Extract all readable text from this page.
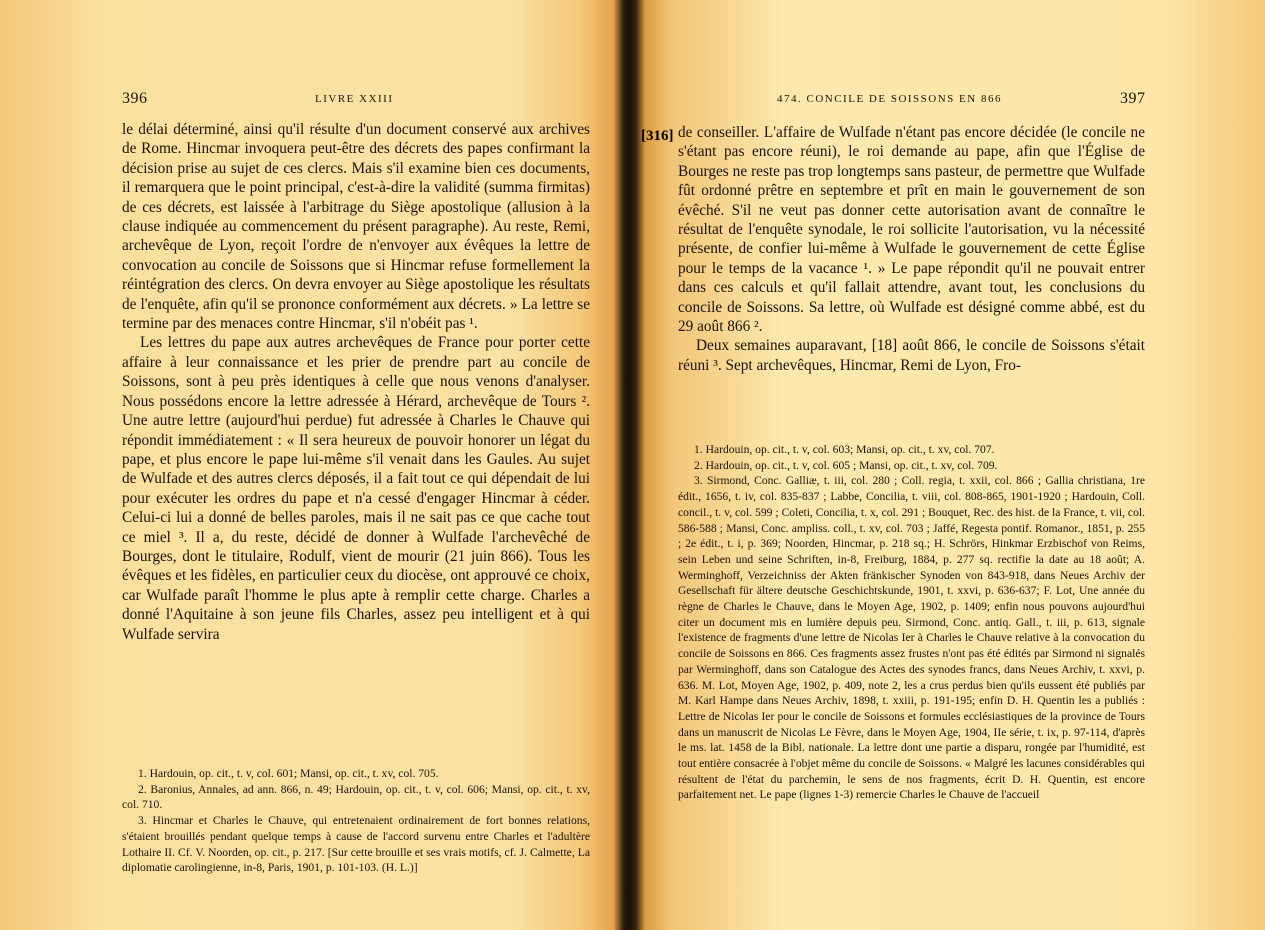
396	LIVRE XXIII

le délai déterminé, ainsi qu'il résulte d'un document conservé aux archives de Rome. Hincmar invoquera peut-être des décrets des papes confirmant la décision prise au sujet de ces clercs. Mais s'il examine bien ces documents, il remarquera que le point principal, c'est-à-dire la validité (summa firmitas) de ces décrets, est laissée à l'arbitrage du Siège apostolique (allusion à la clause indiquée au commencement du présent paragraphe). Au reste, Remi, archevêque de Lyon, reçoit l'ordre de n'envoyer aux évêques la lettre de convocation au concile de Soissons que si Hincmar refuse formellement la réintégration des clercs. On devra envoyer au Siège apostolique les résultats de l'enquête, afin qu'il se prononce conformément aux décrets. » La lettre se termine par des menaces contre Hincmar, s'il n'obéit pas ¹.

Les lettres du pape aux autres archevêques de France pour porter cette affaire à leur connaissance et les prier de prendre part au concile de Soissons, sont à peu près identiques à celle que nous venons d'analyser. Nous possédons encore la lettre adressée à Hérard, archevêque de Tours ². Une autre lettre (aujourd'hui perdue) fut adressée à Charles le Chauve qui répondit immédiatement : « Il sera heureux de pouvoir honorer un légat du pape, et plus encore le pape lui-même s'il venait dans les Gaules. Au sujet de Wulfade et des autres clercs déposés, il a fait tout ce qui dépendait de lui pour exécuter les ordres du pape et n'a cessé d'engager Hincmar à céder. Celui-ci lui a donné de belles paroles, mais il ne sait pas ce que cache tout ce miel ³. Il a, du reste, décidé de donner à Wulfade l'archevêché de Bourges, dont le titulaire, Rodulf, vient de mourir (21 juin 866). Tous les évêques et les fidèles, en particulier ceux du diocèse, ont approuvé ce choix, car Wulfade paraît l'homme le plus apte à remplir cette charge. Charles a donné l'Aquitaine à son jeune fils Charles, assez peu intelligent et à qui Wulfade servira

1. Hardouin, op. cit., t. v, col. 601; Mansi, op. cit., t. xv, col. 705.

2. Baronius, Annales, ad ann. 866, n. 49; Hardouin, op. cit., t. v, col. 606; Mansi, op. cit., t. xv, col. 710.

3. Hincmar et Charles le Chauve, qui entretenaient ordinairement de fort bonnes relations, s'étaient brouillés pendant quelque temps à cause de l'accord survenu entre Charles et l'adultère Lothaire II. Cf. V. Noorden, op. cit., p. 217. [Sur cette brouille et ses vrais motifs, cf. J. Calmette, La diplomatie carolingienne, in-8, Paris, 1901, p. 101-103. (H. L.)]

[316]
474. CONCILE DE SOISSONS EN 866	397

de conseiller. L'affaire de Wulfade n'étant pas encore décidée (le concile ne s'étant pas encore réuni), le roi demande au pape, afin que l'Église de Bourges ne reste pas trop longtemps sans pasteur, de permettre que Wulfade fût ordonné prêtre en septembre et prît en main le gouvernement de son évêché. S'il ne veut pas donner cette autorisation avant de connaître le résultat de l'enquête synodale, le roi sollicite l'autorisation, vu la nécessité présente, de confier lui-même à Wulfade le gouvernement de cette Église pour le temps de la vacance ¹. » Le pape répondit qu'il ne pouvait entrer dans ces calculs et qu'il fallait attendre, avant tout, les conclusions du concile de Soissons. Sa lettre, où Wulfade est désigné comme abbé, est du 29 août 866 ².

Deux semaines auparavant, [18] août 866, le concile de Soissons s'était réuni ³. Sept archevêques, Hincmar, Remi de Lyon, Fro-

1. Hardouin, op. cit., t. v, col. 603; Mansi, op. cit., t. xv, col. 707.

2. Hardouin, op. cit., t. v, col. 605 ; Mansi, op. cit., t. xv, col. 709.

3. Sirmond, Conc. Galliæ, t. iii, col. 280 ; Coll. regia, t. xxii, col. 866 ; Gallia christiana, 1re édit., 1656, t. iv, col. 835-837 ; Labbe, Concilia, t. viii, col. 808-865, 1901-1920 ; Hardouin, Coll. concil., t. v, col. 599 ; Coleti, Concilia, t. x, col. 291 ; Bouquet, Rec. des hist. de la France, t. vii, col. 586-588 ; Mansi, Conc. ampliss. coll., t. xv, col. 703 ; Jaffé, Regesta pontif. Romanor., 1851, p. 255 ; 2e édit., t. i, p. 369; Noorden, Hincmar, p. 218 sq.; H. Schrörs, Hinkmar Erzbischof von Reims, sein Leben und seine Schriften, in-8, Freiburg, 1884, p. 277 sq. rectifie la date au 18 août; A. Werminghoff, Verzeichniss der Akten fränkischer Synoden von 843-918, dans Neues Archiv der Gesellschaft für ältere deutsche Geschichtskunde, 1901, t. xxvi, p. 636-637; F. Lot, Une année du règne de Charles le Chauve, dans le Moyen Age, 1902, p. 1409; enfin nous pouvons aujourd'hui citer un document mis en lumière depuis peu. Sirmond, Conc. antiq. Gall., t. iii, p. 613, signale l'existence de fragments d'une lettre de Nicolas Ier à Charles le Chauve relative à la convocation du concile de Soissons en 866. Ces fragments assez frustes n'ont pas été édités par Sirmond ni signalés par Werminghoff, dans son Catalogue des Actes des synodes francs, dans Neues Archiv, t. xxvi, p. 636. M. Lot, Moyen Age, 1902, p. 409, note 2, les a crus perdus bien qu'ils eussent été publiés par M. Karl Hampe dans Neues Archiv, 1898, t. xxiii, p. 191-195; enfin D. H. Quentin les a publiés : Lettre de Nicolas Ier pour le concile de Soissons et formules ecclésiastiques de la province de Tours dans un manuscrit de Nicolas Le Fèvre, dans le Moyen Age, 1904, IIe série, t. ix, p. 97-114, d'après le ms. lat. 1458 de la Bibl. nationale. La lettre dont une partie a disparu, rongée par l'humidité, est tout entière consacrée à l'objet même du concile de Soissons. « Malgré les lacunes considérables qui résultent de l'état du parchemin, le sens de nos fragments, écrit D. H. Quentin, est encore parfaitement net. Le pape (lignes 1-3) remercie Charles le Chauve de l'accueil
